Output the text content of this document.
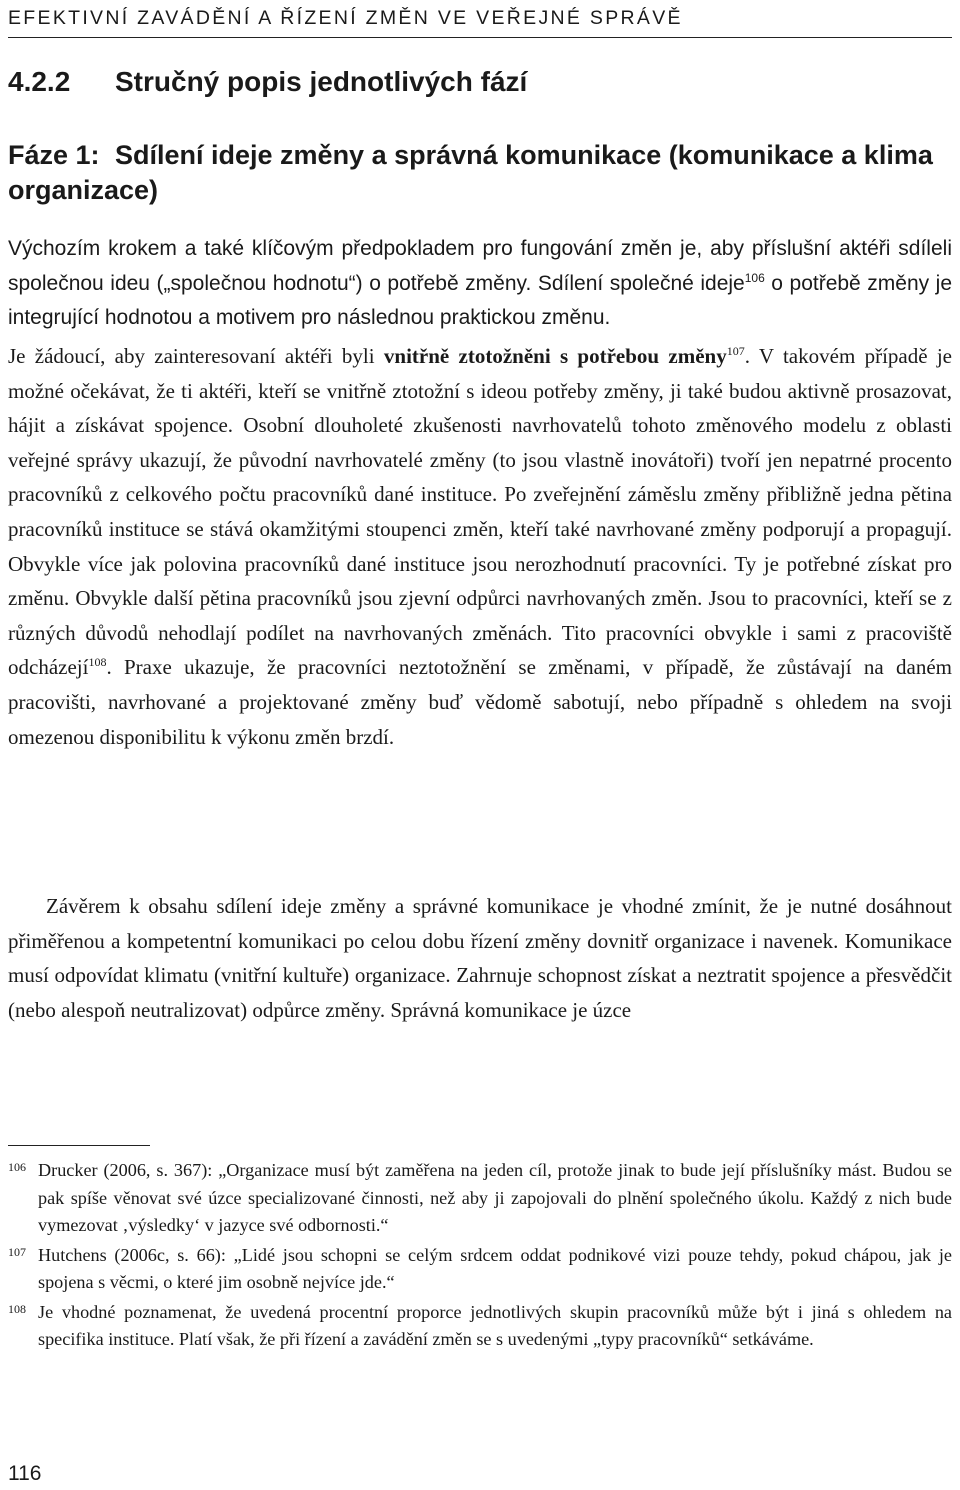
EFEKTIVNÍ ZAVÁDĚNÍ A ŘÍZENÍ ZMĚN VE VEŘEJNÉ SPRÁVĚ
4.2.2 Stručný popis jednotlivých fází
Fáze 1: Sdílení ideje změny a správná komunikace (komunikace a klima organizace)
Výchozím krokem a také klíčovým předpokladem pro fungování změn je, aby příslušní aktéři sdíleli společnou ideu („společnou hodnotu“) o potřebě změny. Sdílení společné ideje$^{106}$ o potřebě změny je integrující hodnotou a motivem pro následnou praktickou změnu.
Je žádoucí, aby zainteresovaní aktéři byli vnitřně ztotožněni s potřebou změny$^{107}$. V takovém případě je možné očekávat, že ti aktéři, kteří se vnitřně ztotožní s ideou potřeby změny, ji také budou aktivně prosazovat, hájit a získávat spojence. Osobní dlouholeté zkušenosti navrhovatelů tohoto změnového modelu z oblasti veřejné správy ukazují, že původní navrhovatelé změny (to jsou vlastně inovátoři) tvoří jen nepatrné procento pracovníků z celkového počtu pracovníků dané instituce. Po zveřejnění záměslu změny přibližně jedna pětina pracovníků instituce se stává okamžitými stoupenci změn, kteří také navrhované změny podporují a propagují. Obvykle více jak polovina pracovníků dané instituce jsou nerozhodnutí pracovníci. Ty je potřebné získat pro změnu. Obvykle další pětina pracovníků jsou zjevní odpůrci navrhovaných změn. Jsou to pracovníci, kteří se z různých důvodů nehodlají podílet na navrhovaných změnách. Tito pracovníci obvykle i sami z pracoviště odcházejí$^{108}$. Praxe ukazuje, že pracovníci neztotožnění se změnami, v případě, že zůstávají na daném pracovišti, navrhované a projektované změny buď vědomě sabotují, nebo případně s ohledem na svoji omezenou disponibilitu k výkonu změn brzdí.
Závěrem k obsahu sdílení ideje změny a správné komunikace je vhodné zmínit, že je nutné dosáhnout přiměřenou a kompetentní komunikaci po celou dobu řízení změny dovnitř organizace i navenek. Komunikace musí odpovídat klimatu (vnitřní kultuře) organizace. Zahrnuje schopnost získat a neztratit spojence a přesvědčit (nebo alespoň neutralizovat) odpůrce změny. Správná komunikace je úzce
106 Drucker (2006, s. 367): „Organizace musí být zaměřena na jeden cíl, protože jinak to bude její příslušníky mást. Budou se pak spíše věnovat své úzce specializované činnosti, než aby ji zapojovali do plnění společného úkolu. Každý z nich bude vymezovat ‚výsledky‘ v jazyce své odbornosti.“
107 Hutchens (2006c, s. 66): „Lidé jsou schopni se celým srdcem oddat podnikové vizi pouze tehdy, pokud chápou, jak je spojena s věcmi, o které jim osobně nejvíce jde.“
108 Je vhodné poznamenat, že uvedená procentní proporce jednotlivých skupin pracovníků může být i jiná s ohledem na specifika instituce. Platí však, že při řízení a zavádění změn se s uvedenými „typy pracovníků“ setkáváme.
116
